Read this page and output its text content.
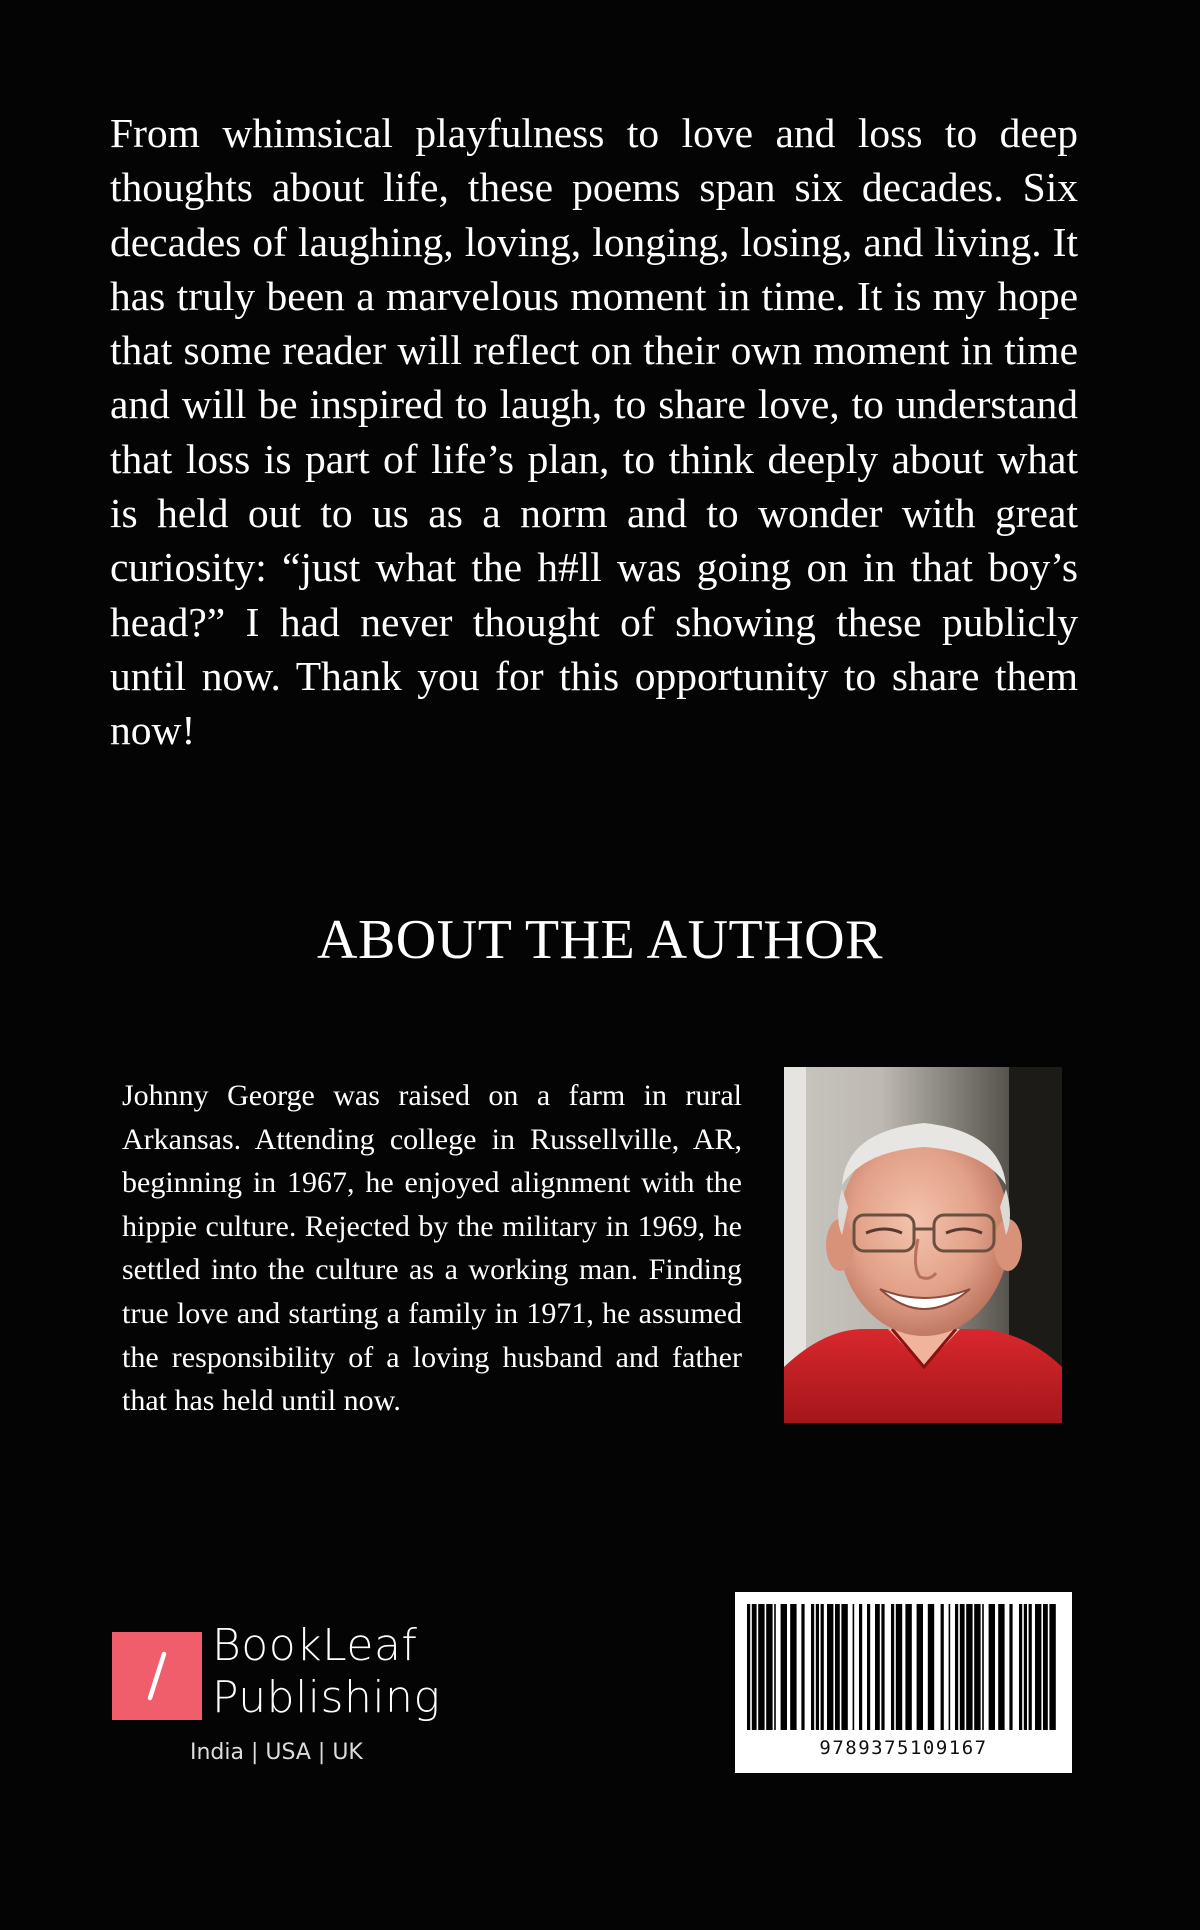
From whimsical playfulness to love and loss to deep thoughts about life, these poems span six decades. Six decades of laughing, loving, longing, losing, and living. It has truly been a marvelous moment in time. It is my hope that some reader will reflect on their own moment in time and will be inspired to laugh, to share love, to understand that loss is part of life’s plan, to think deeply about what is held out to us as a norm and to wonder with great curiosity: “just what the h#ll was going on in that boy’s head?” I had never thought of showing these publicly until now. Thank you for this opportunity to share them now!

ABOUT THE AUTHOR

Johnny George was raised on a farm in rural Arkansas. Attending college in Russellville, AR, beginning in 1967, he enjoyed alignment with the hippie culture. Rejected by the military in 1969, he settled into the culture as a working man. Finding true love and starting a family in 1971, he assumed the responsibility of a loving husband and father that has held until now.

BookLeaf
Publishing
India | USA | UK	9789375109167
